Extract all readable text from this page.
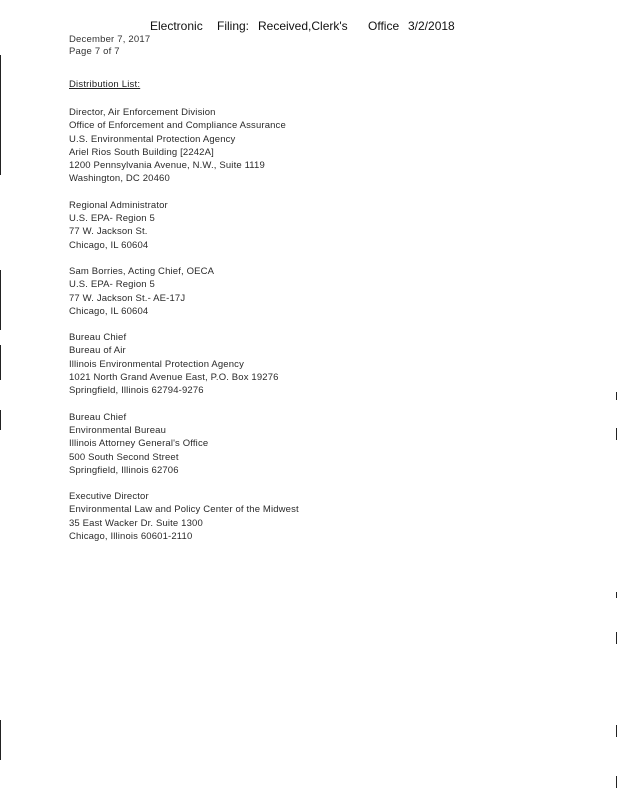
Electronic Filing: Received,Clerk's Office 3/2/2018
December 7, 2017
Page 7 of 7
Distribution List:
Director, Air Enforcement Division
Office of Enforcement and Compliance Assurance
U.S. Environmental Protection Agency
Ariel Rios South Building [2242A]
1200 Pennsylvania Avenue, N.W., Suite 1119
Washington, DC 20460
Regional Administrator
U.S. EPA- Region 5
77 W. Jackson St.
Chicago, IL 60604
Sam Borries, Acting Chief, OECA
U.S. EPA- Region 5
77 W. Jackson St.- AE-17J
Chicago, IL 60604
Bureau Chief
Bureau of Air
Illinois Environmental Protection Agency
1021 North Grand Avenue East, P.O. Box 19276
Springfield, Illinois 62794-9276
Bureau Chief
Environmental Bureau
Illinois Attorney General's Office
500 South Second Street
Springfield, Illinois 62706
Executive Director
Environmental Law and Policy Center of the Midwest
35 East Wacker Dr. Suite 1300
Chicago, Illinois 60601-2110
